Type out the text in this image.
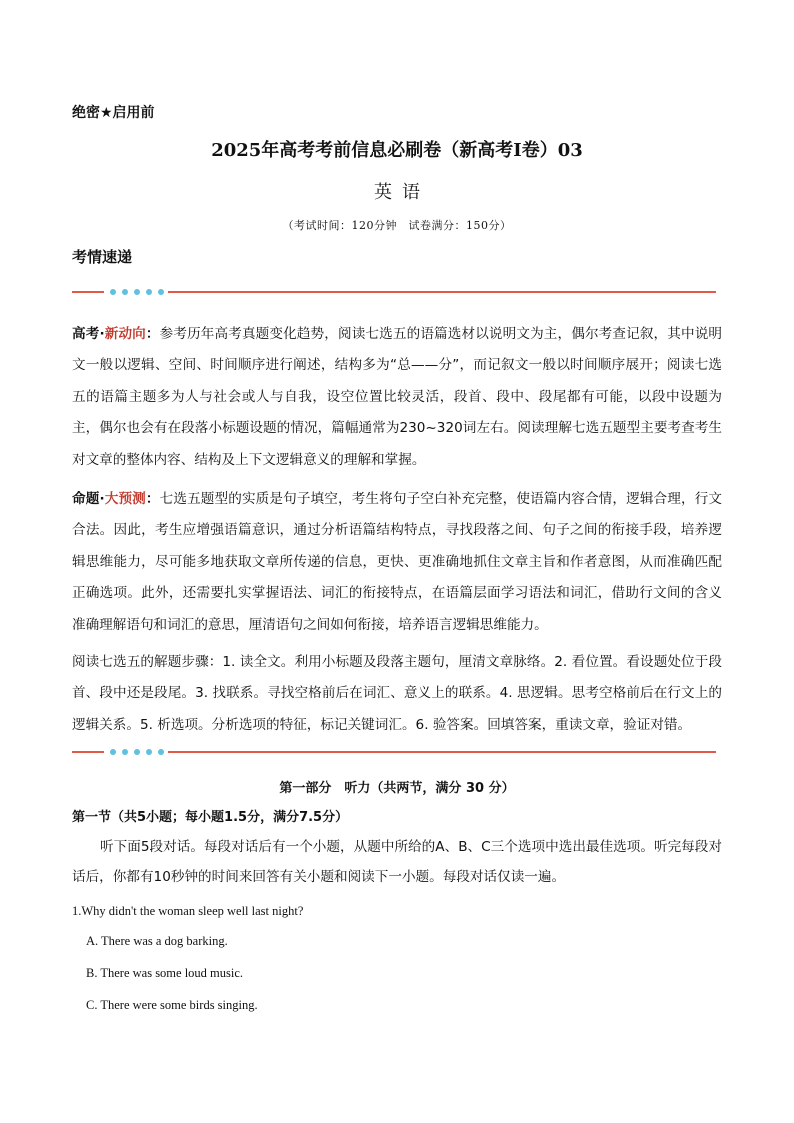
绝密★启用前
2025年高考考前信息必刷卷（新高考I卷）03
英语
（考试时间：120分钟　试卷满分：150分）
考情速递
高考·新动向：参考历年高考真题变化趋势，阅读七选五的语篇选材以说明文为主，偶尔考查记叙，其中说明文一般以逻辑、空间、时间顺序进行阐述，结构多为“总——分”，而记叙文一般以时间顺序展开；阅读七选五的语篇主题多为人与社会或人与自我，设空位置比较灵活，段首、段中、段尾都有可能，以段中设题为主，偶尔也会有在段落小标题设题的情况，篇幅通常为230~320词左右。阅读理解七选五题型主要考查考生对文章的整体内容、结构及上下文逻辑意义的理解和掌握。
命题·大预测：七选五题型的实质是句子填空，考生将句子空白补充完整，使语篇内容合情，逻辑合理，行文合法。因此，考生应增强语篇意识，通过分析语篇结构特点，寻找段落之间、句子之间的衔接手段，培养逻辑思维能力，尽可能多地获取文章所传递的信息，更快、更准确地抓住文章主旨和作者意图，从而准确匹配正确选项。此外，还需要扎实掌握语法、词汇的衔接特点，在语篇层面学习语法和词汇，借助行文间的含义准确理解语句和词汇的意思，厘清语句之间如何衔接，培养语言逻辑思维能力。
阅读七选五的解题步骤：1. 读全文。利用小标题及段落主题句，厘清文章脉络。2. 看位置。看设题处位于段首、段中还是段尾。3. 找联系。寻找空格前后在词汇、意义上的联系。4. 思逻辑。思考空格前后在行文上的逻辑关系。5. 析选项。分析选项的特征，标记关键词汇。6. 验答案。回填答案，重读文章，验证对错。
第一部分　听力（共两节，满分 30 分）
第一节（共5小题；每小题1.5分，满分7.5分）
听下面5段对话。每段对话后有一个小题，从题中所给的A、B、C三个选项中选出最佳选项。听完每段对话后，你都有10秒钟的时间来回答有关小题和阅读下一小题。每段对话仅读一遍。
1.Why didn't the woman sleep well last night?
A. There was a dog barking.
B. There was some loud music.
C. There were some birds singing.
